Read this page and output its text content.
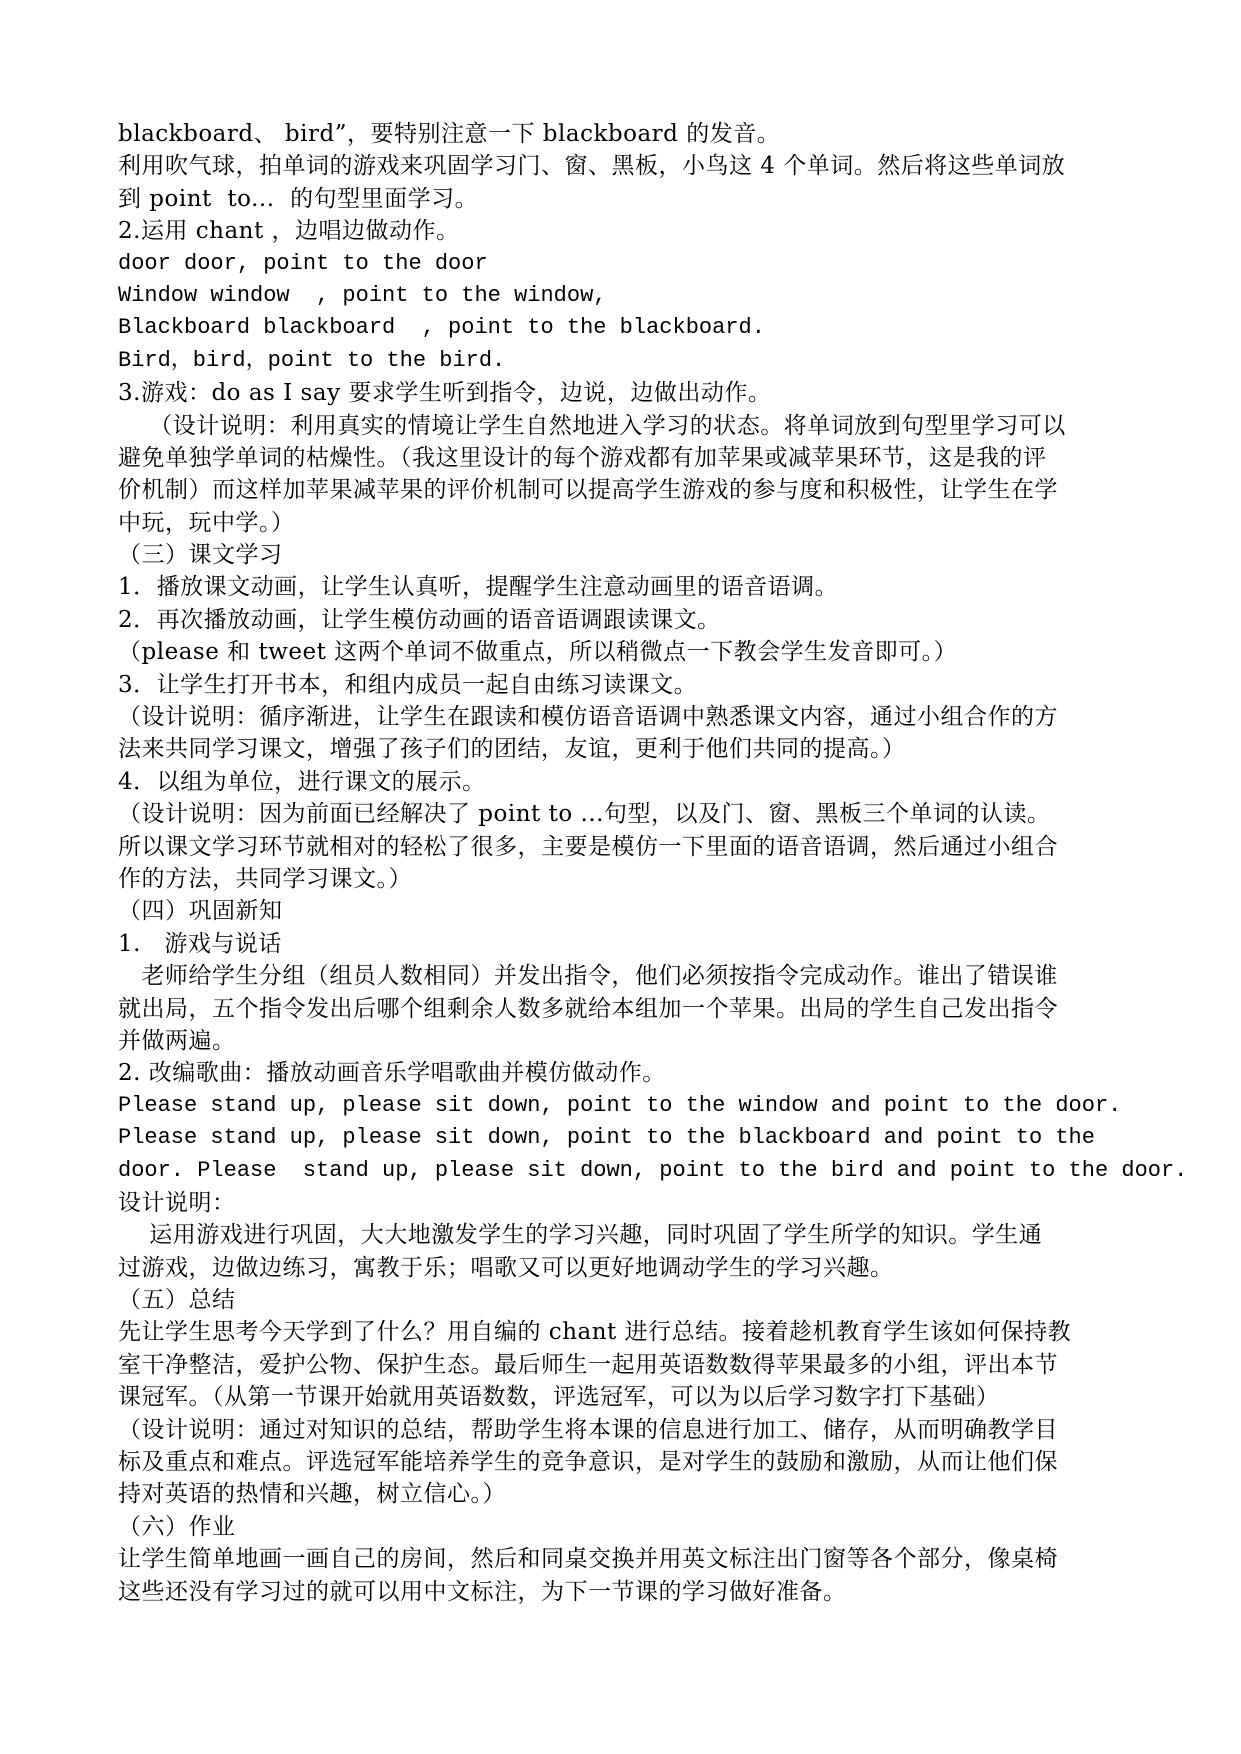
blackboard、 bird”，要特别注意一下 blackboard 的发音。
利用吹气球，拍单词的游戏来巩固学习门、窗、黑板，小鸟这 4 个单词。然后将这些单词放
到 point  to...  的句型里面学习。
2.运用 chant ，边唱边做动作。
door door, point to the door
Window window  , point to the window,
Blackboard blackboard  , point to the blackboard.
Bird，bird，point to the bird.
3.游戏：do as I say 要求学生听到指令，边说，边做出动作。
（设计说明：利用真实的情境让学生自然地进入学习的状态。将单词放到句型里学习可以
避免单独学单词的枯燥性。（我这里设计的每个游戏都有加苹果或减苹果环节，这是我的评
价机制）而这样加苹果减苹果的评价机制可以提高学生游戏的参与度和积极性，让学生在学
中玩，玩中学。）
（三）课文学习
1．播放课文动画，让学生认真听，提醒学生注意动画里的语音语调。
2．再次播放动画，让学生模仿动画的语音语调跟读课文。
（please 和 tweet 这两个单词不做重点，所以稍微点一下教会学生发音即可。）
3．让学生打开书本，和组内成员一起自由练习读课文。
（设计说明：循序渐进，让学生在跟读和模仿语音语调中熟悉课文内容，通过小组合作的方
法来共同学习课文，增强了孩子们的团结，友谊，更利于他们共同的提高。）
4．以组为单位，进行课文的展示。
（设计说明：因为前面已经解决了 point to ...句型，以及门、窗、黑板三个单词的认读。
所以课文学习环节就相对的轻松了很多，主要是模仿一下里面的语音语调，然后通过小组合
作的方法，共同学习课文。）
（四）巩固新知
1.   游戏与说话
老师给学生分组（组员人数相同）并发出指令，他们必须按指令完成动作。谁出了错误谁
就出局，五个指令发出后哪个组剩余人数多就给本组加一个苹果。出局的学生自己发出指令
并做两遍。
2. 改编歌曲：播放动画音乐学唱歌曲并模仿做动作。
Please stand up, please sit down, point to the window and point to the door.
Please stand up, please sit down, point to the blackboard and point to the
door. Please  stand up, please sit down, point to the bird and point to the door.
设计说明：
运用游戏进行巩固，大大地激发学生的学习兴趣，同时巩固了学生所学的知识。学生通
过游戏，边做边练习，寓教于乐；唱歌又可以更好地调动学生的学习兴趣。
（五）总结
先让学生思考今天学到了什么？用自编的 chant 进行总结。接着趁机教育学生该如何保持教
室干净整洁，爱护公物、保护生态。最后师生一起用英语数数得苹果最多的小组，评出本节
课冠军。（从第一节课开始就用英语数数，评选冠军，可以为以后学习数字打下基础）
（设计说明：通过对知识的总结，帮助学生将本课的信息进行加工、储存，从而明确教学目
标及重点和难点。评选冠军能培养学生的竞争意识，是对学生的鼓励和激励，从而让他们保
持对英语的热情和兴趣，树立信心。）
（六）作业
让学生简单地画一画自己的房间，然后和同桌交换并用英文标注出门窗等各个部分，像桌椅
这些还没有学习过的就可以用中文标注，为下一节课的学习做好准备。
